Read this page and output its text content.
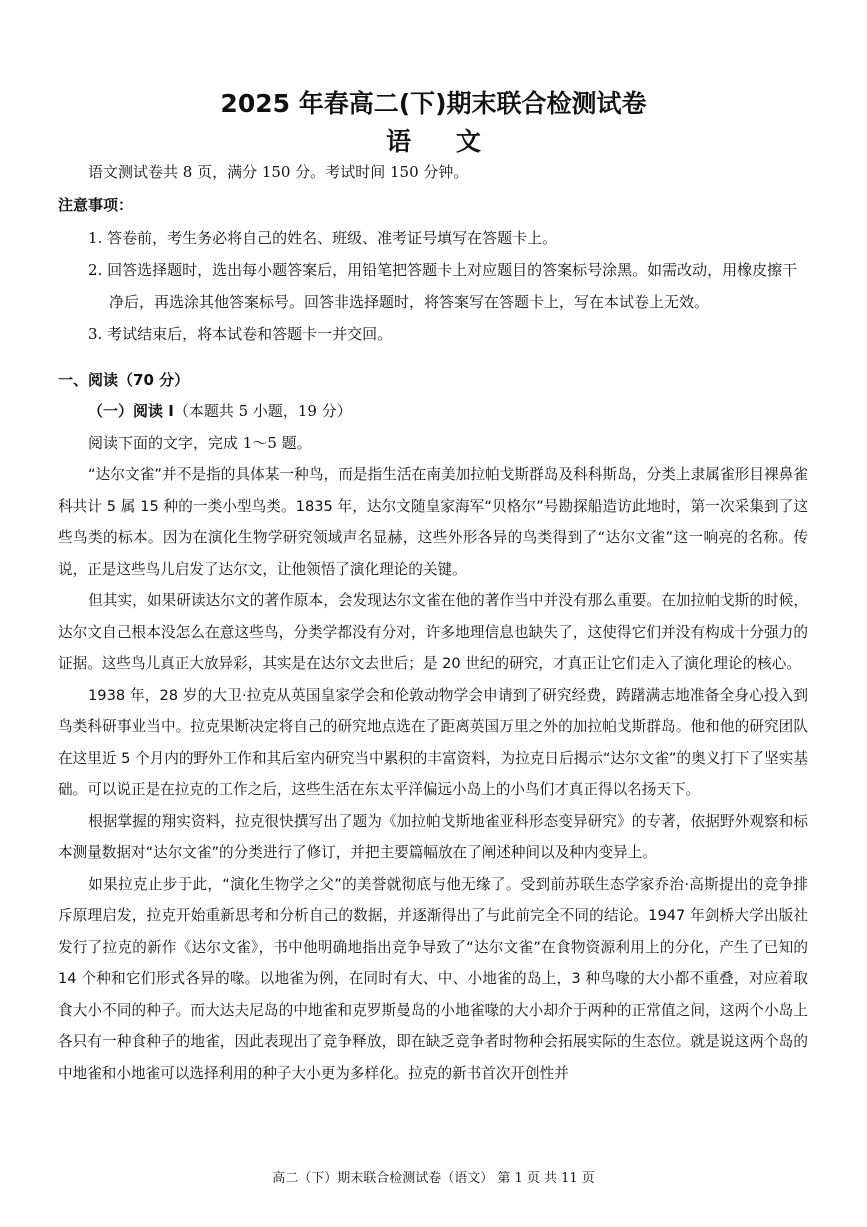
2025 年春高二(下)期末联合检测试卷
语 文
语文测试卷共 8 页，满分 150 分。考试时间 150 分钟。
注意事项：
1. 答卷前，考生务必将自己的姓名、班级、准考证号填写在答题卡上。
2. 回答选择题时，选出每小题答案后，用铅笔把答题卡上对应题目的答案标号涂黑。如需改动，用橡皮擦干
净后，再选涂其他答案标号。回答非选择题时，将答案写在答题卡上，写在本试卷上无效。
3. 考试结束后，将本试卷和答题卡一并交回。
一、阅读（70 分）
（一）阅读 I（本题共 5 小题，19 分）
阅读下面的文字，完成 1～5 题。
“达尔文雀”并不是指的具体某一种鸟，而是指生活在南美加拉帕戈斯群岛及科科斯岛，分类上隶属雀形目裸鼻雀科共计 5 属 15 种的一类小型鸟类。1835 年，达尔文随皇家海军“贝格尔”号勘探船造访此地时，第一次采集到了这些鸟类的标本。因为在演化生物学研究领域声名显赫，这些外形各异的鸟类得到了“达尔文雀”这一响亮的名称。传说，正是这些鸟儿启发了达尔文，让他领悟了演化理论的关键。
但其实，如果研读达尔文的著作原本，会发现达尔文雀在他的著作当中并没有那么重要。在加拉帕戈斯的时候，达尔文自己根本没怎么在意这些鸟，分类学都没有分对，许多地理信息也缺失了，这使得它们并没有构成十分强力的证据。这些鸟儿真正大放异彩，其实是在达尔文去世后；是 20 世纪的研究，才真正让它们走入了演化理论的核心。
1938 年，28 岁的大卫·拉克从英国皇家学会和伦敦动物学会申请到了研究经费，踌躇满志地准备全身心投入到鸟类科研事业当中。拉克果断决定将自己的研究地点选在了距离英国万里之外的加拉帕戈斯群岛。他和他的研究团队在这里近 5 个月内的野外工作和其后室内研究当中累积的丰富资料，为拉克日后揭示“达尔文雀”的奥义打下了坚实基础。可以说正是在拉克的工作之后，这些生活在东太平洋偏远小岛上的小鸟们才真正得以名扬天下。
根据掌握的翔实资料，拉克很快撰写出了题为《加拉帕戈斯地雀亚科形态变异研究》的专著，依据野外观察和标本测量数据对“达尔文雀”的分类进行了修订，并把主要篇幅放在了阐述种间以及种内变异上。
如果拉克止步于此，“演化生物学之父”的美誉就彻底与他无缘了。受到前苏联生态学家乔治·高斯提出的竞争排斥原理启发，拉克开始重新思考和分析自己的数据，并逐渐得出了与此前完全不同的结论。1947 年剑桥大学出版社发行了拉克的新作《达尔文雀》，书中他明确地指出竞争导致了“达尔文雀”在食物资源利用上的分化，产生了已知的 14 个种和它们形式各异的喙。以地雀为例，在同时有大、中、小地雀的岛上，3 种鸟喙的大小都不重叠，对应着取食大小不同的种子。而大达夫尼岛的中地雀和克罗斯曼岛的小地雀喙的大小却介于两种的正常值之间，这两个小岛上各只有一种食种子的地雀，因此表现出了竞争释放，即在缺乏竞争者时物种会拓展实际的生态位。就是说这两个岛的中地雀和小地雀可以选择利用的种子大小更为多样化。拉克的新书首次开创性并
高二（下）期末联合检测试卷（语文） 第 1 页 共 11 页
